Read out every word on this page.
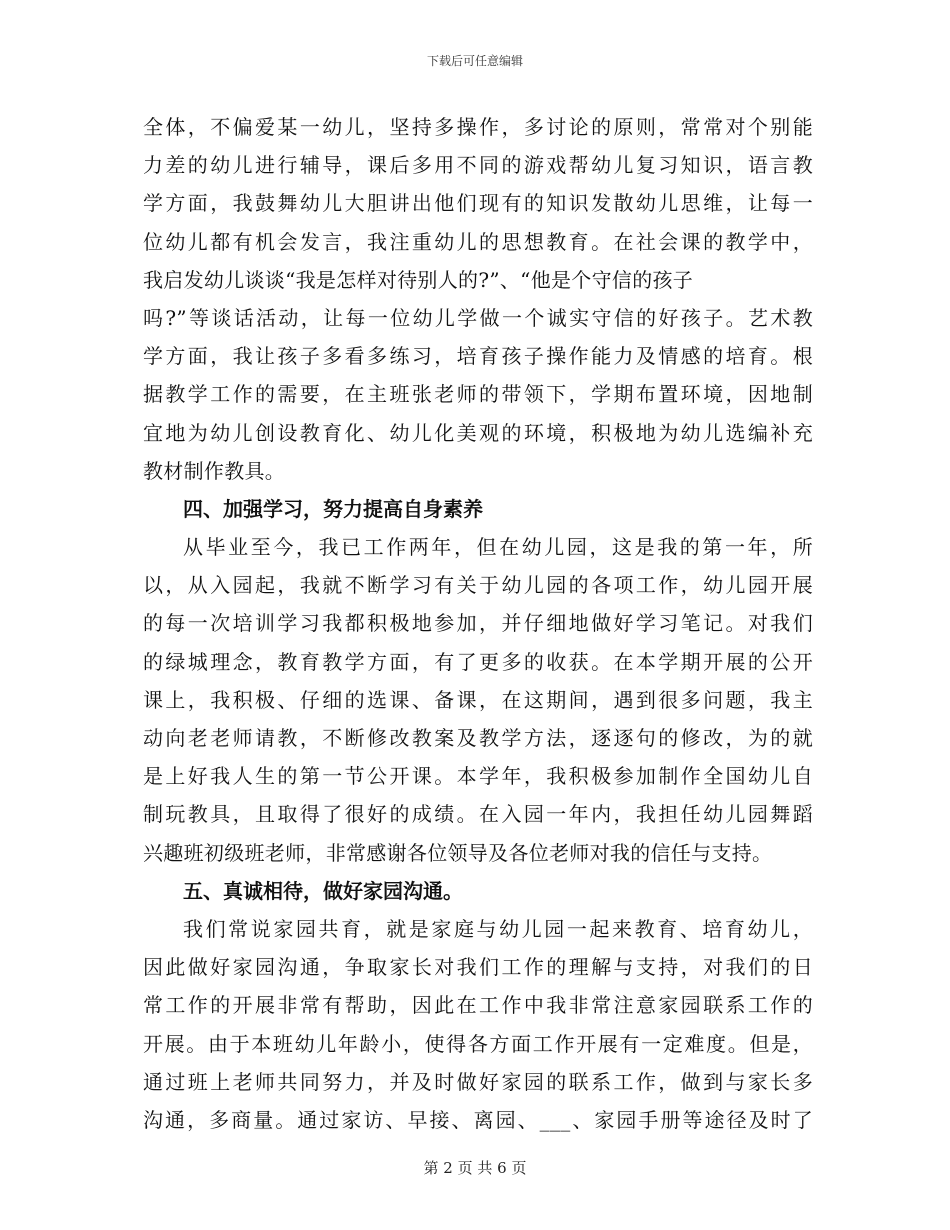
下载后可任意编辑
全体，不偏爱某一幼儿，坚持多操作，多讨论的原则，常常对个别能
力差的幼儿进行辅导，课后多用不同的游戏帮幼儿复习知识，语言教
学方面，我鼓舞幼儿大胆讲出他们现有的知识发散幼儿思维，让每一
位幼儿都有机会发言，我注重幼儿的思想教育。在社会课的教学中，
我启发幼儿谈谈“我是怎样对待别人的?”、“他是个守信的孩子
吗?”等谈话活动，让每一位幼儿学做一个诚实守信的好孩子。艺术教
学方面，我让孩子多看多练习，培育孩子操作能力及情感的培育。根
据教学工作的需要，在主班张老师的带领下，学期布置环境，因地制
宜地为幼儿创设教育化、幼儿化美观的环境，积极地为幼儿选编补充
教材制作教具。
四、加强学习，努力提高自身素养
从毕业至今，我已工作两年，但在幼儿园，这是我的第一年，所
以，从入园起，我就不断学习有关于幼儿园的各项工作，幼儿园开展
的每一次培训学习我都积极地参加，并仔细地做好学习笔记。对我们
的绿城理念，教育教学方面，有了更多的收获。在本学期开展的公开
课上，我积极、仔细的选课、备课，在这期间，遇到很多问题，我主
动向老老师请教，不断修改教案及教学方法，逐逐句的修改，为的就
是上好我人生的第一节公开课。本学年，我积极参加制作全国幼儿自
制玩教具，且取得了很好的成绩。在入园一年内，我担任幼儿园舞蹈
兴趣班初级班老师，非常感谢各位领导及各位老师对我的信任与支持。
五、真诚相待，做好家园沟通。
我们常说家园共育，就是家庭与幼儿园一起来教育、培育幼儿，
因此做好家园沟通，争取家长对我们工作的理解与支持，对我们的日
常工作的开展非常有帮助，因此在工作中我非常注意家园联系工作的
开展。由于本班幼儿年龄小，使得各方面工作开展有一定难度。但是，
通过班上老师共同努力，并及时做好家园的联系工作，做到与家长多
沟通，多商量。通过家访、早接、离园、___、家园手册等途径及时了
第 2 页 共 6 页
